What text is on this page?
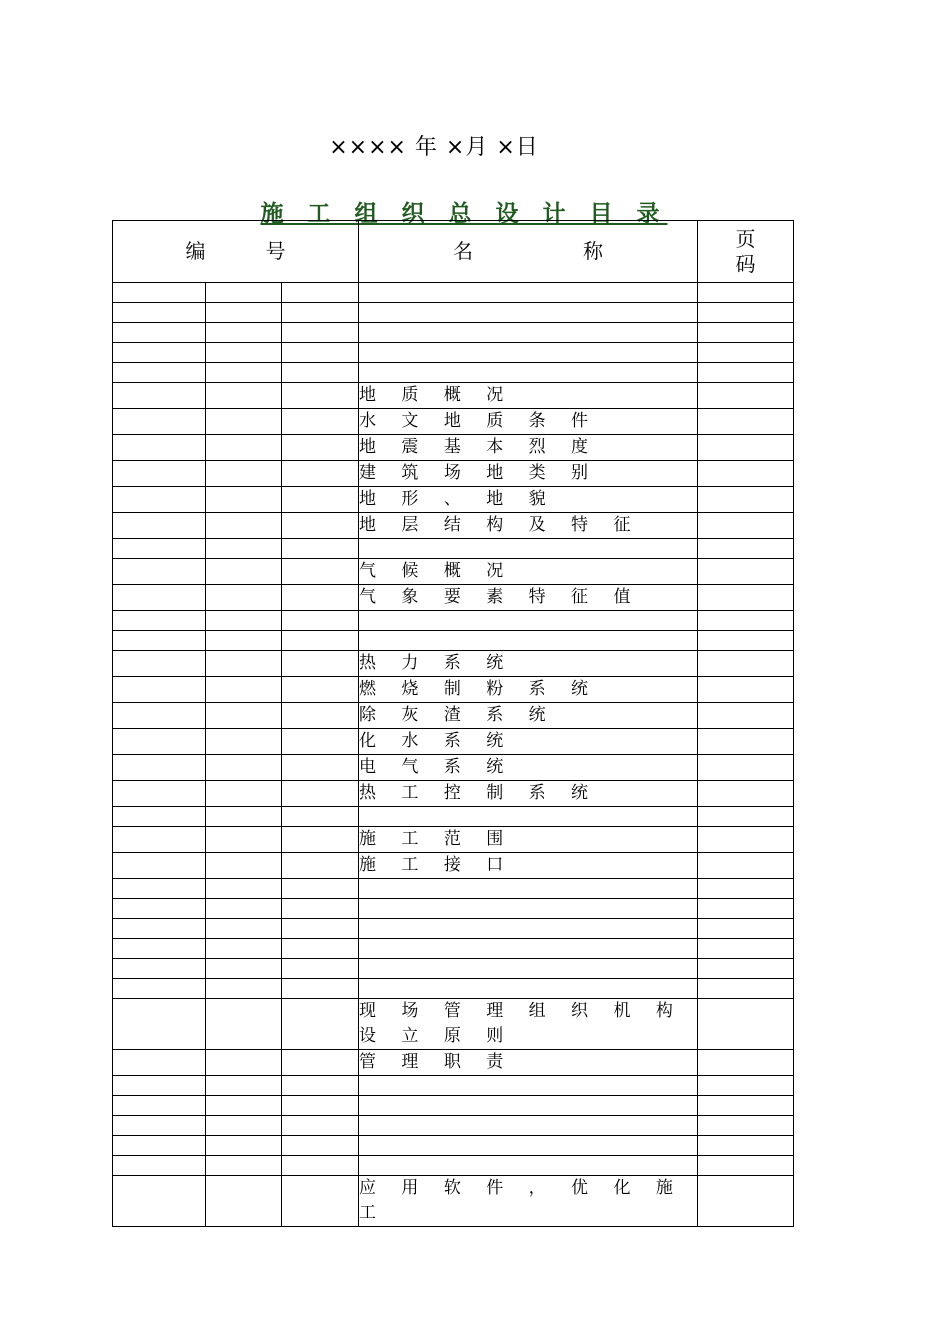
×××× 年 ×月 ×日
施 工 组 织 总 设 计 目 录
编 号			名 称	页
码

			地 质 概 况	
			水 文 地 质 条 件	
			地 震 基 本 烈 度	
			建 筑 场 地 类 别	
			地 形 、 地 貌	
			地 层 结 构 及 特 征	

			气 候 概 况	
			气 象 要 素 特 征 值	

			热 力 系 统	
			燃 烧 制 粉 系 统	
			除 灰 渣 系 统	
			化 水 系 统	
			电 气 系 统	
			热 工 控 制 系 统	

			施 工 范 围	
			施 工 接 口	

			现 场 管 理 组 织 机 构 设 立 原 则	
			管 理 职 责	

			应 用 软 件 ， 优 化 施 工	
